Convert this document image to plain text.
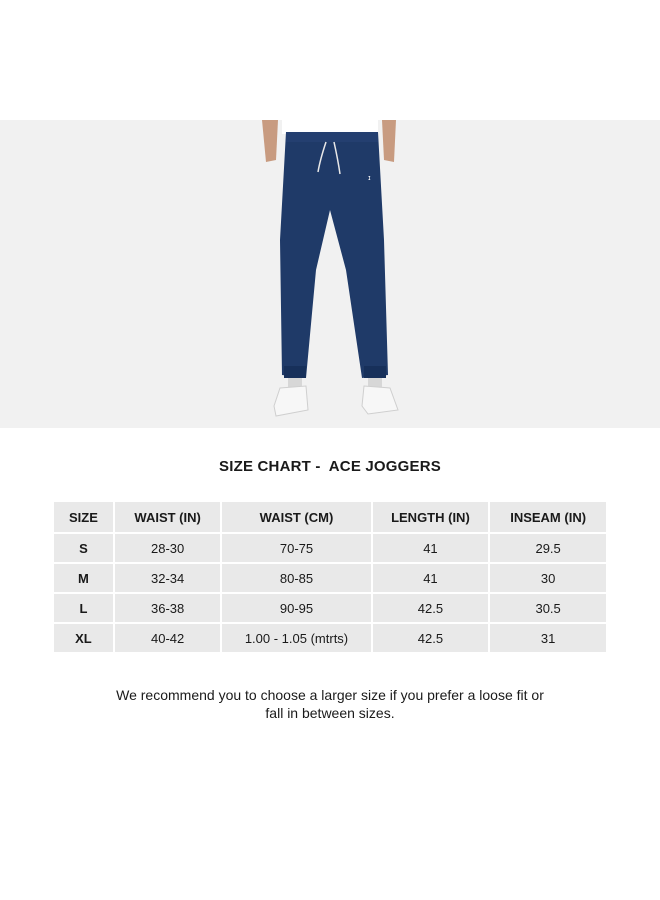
ɪ
SIZE CHART -  ACE JOGGERS
SIZE	WAIST (IN)	WAIST (CM)	LENGTH (IN)	INSEAM (IN)
S	28-30	70-75	41	29.5
M	32-34	80-85	41	30
L	36-38	90-95	42.5	30.5
XL	40-42	1.00 - 1.05 (mtrts)	42.5	31
We recommend you to choose a larger size if you prefer a loose fit or
fall in between sizes.
